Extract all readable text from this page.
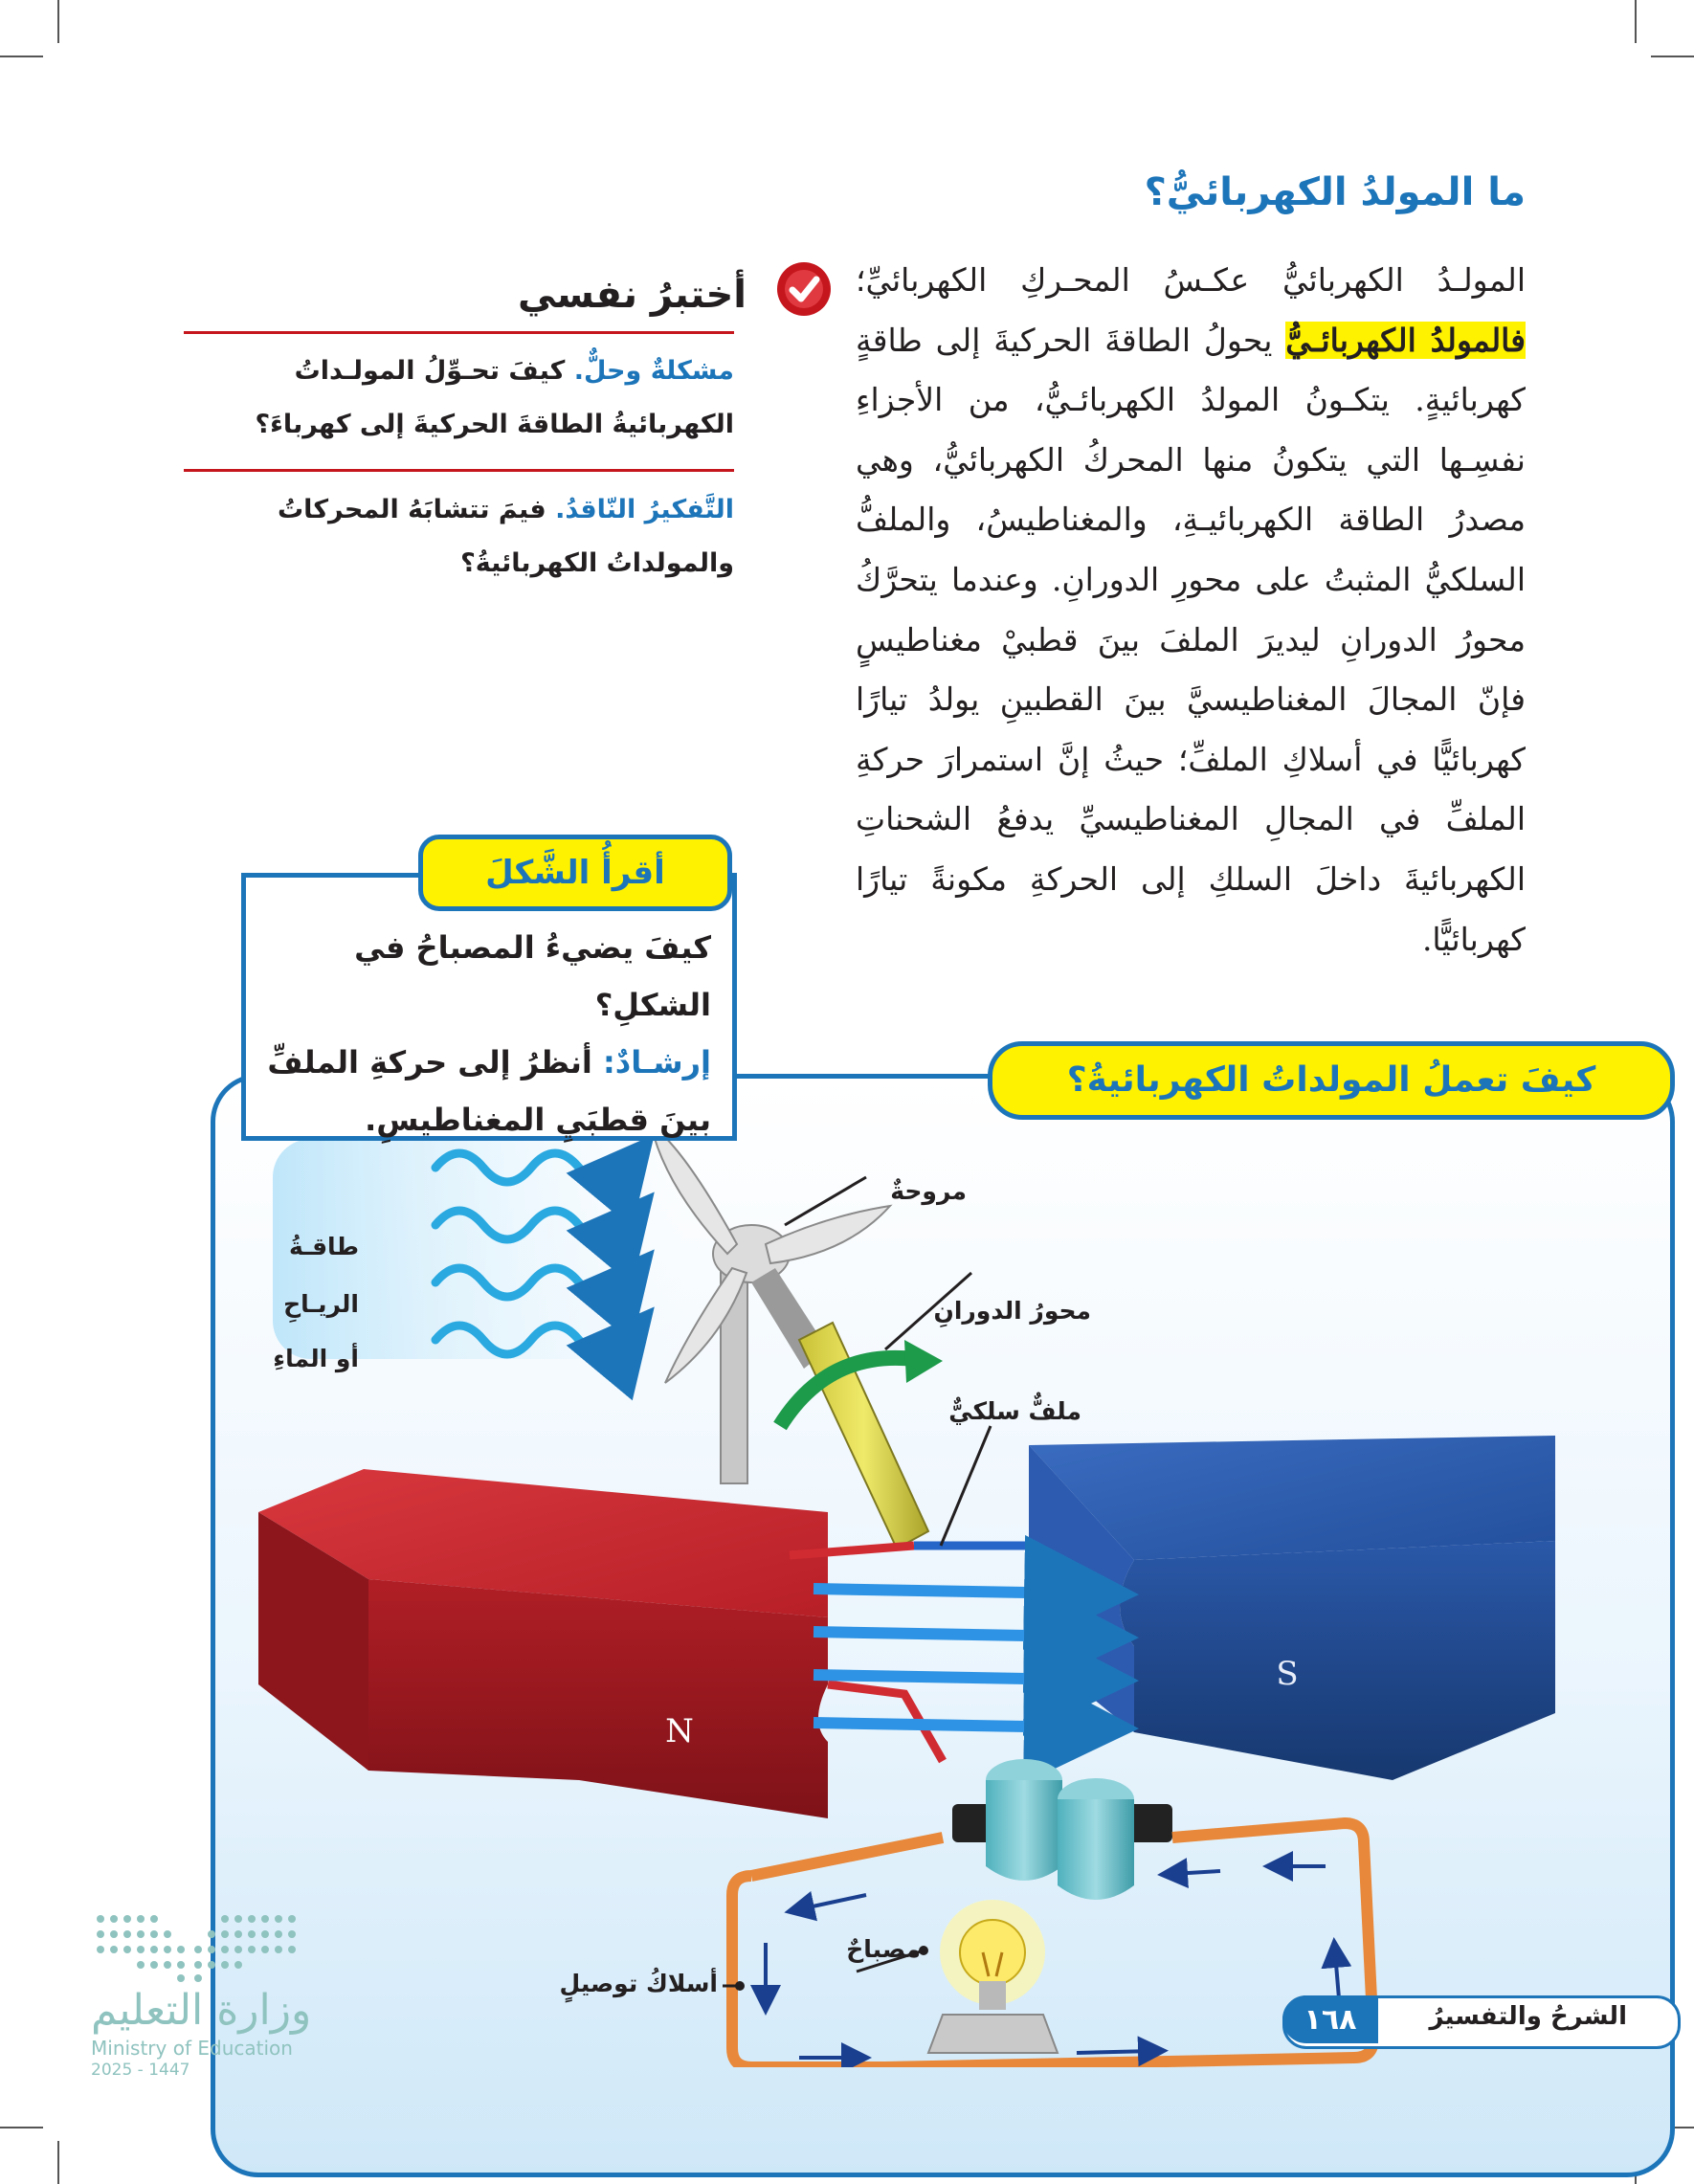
ما المولدُ الكهربائيُّ؟

المولـدُ الكهربائيُّ عكـسُ المحـركِ الكهربائيِّ؛ فالمولدُ الكهربائـيُّ يحولُ الطاقةَ الحركيةَ إلى طاقةٍ كهربائيةٍ. يتكـونُ المولدُ الكهربائـيُّ، من الأجزاءِ نفسِـها التي يتكونُ منها المحركُ الكهربائيُّ، وهي مصدرُ الطاقة الكهربائيـةِ، والمغناطيسُ، والملفُّ السلكيُّ المثبتُ على محورِ الدورانِ. وعندما يتحرَّكُ محورُ الدورانِ ليديرَ الملفَ بينَ قطبيْ مغناطيسٍ فإنّ المجالَ المغناطيسيَّ بينَ القطبينِ يولدُ تيارًا كهربائيًّا في أسلاكِ الملفِّ؛ حيثُ إنَّ استمرارَ حركةِ الملفِّ في المجالِ المغناطيسيِّ يدفعُ الشحناتِ الكهربائيةَ داخلَ السلكِ إلى الحركةِ مكونةً تيارًا كهربائيًّا.

أختبرُ نفسي

مشكلةٌ وحلٌّ. كيفَ تحـوِّلُ المولـداتُ الكهربائيةُ الطاقةَ الحركيةَ إلى كهرباءَ؟

التَّفكيرُ النّاقدُ. فيمَ تتشابَهُ المحركاتُ والمولداتُ الكهربائيةُ؟

كيفَ تعملُ المولداتُ الكهربائيةُ؟
N
S
طاقـةُ
الريـاحِ
أو الماءِ
مروحةٌ
محورُ الدورانِ
ملفٌّ سلكيٌّ
مصباحٌ
أسلاكُ توصيلٍ
أقرأُ الشَّكلَ

كيفَ يضيءُ المصباحُ في الشكلِ؟
إرشـادٌ: أنظرُ إلى حركةِ الملفِّ بينَ قطبَيِ المغناطيسِ.

١٦٨	الشرحُ والتفسيرُ
وزارة التعليم
Ministry of Education
2025 - 1447
